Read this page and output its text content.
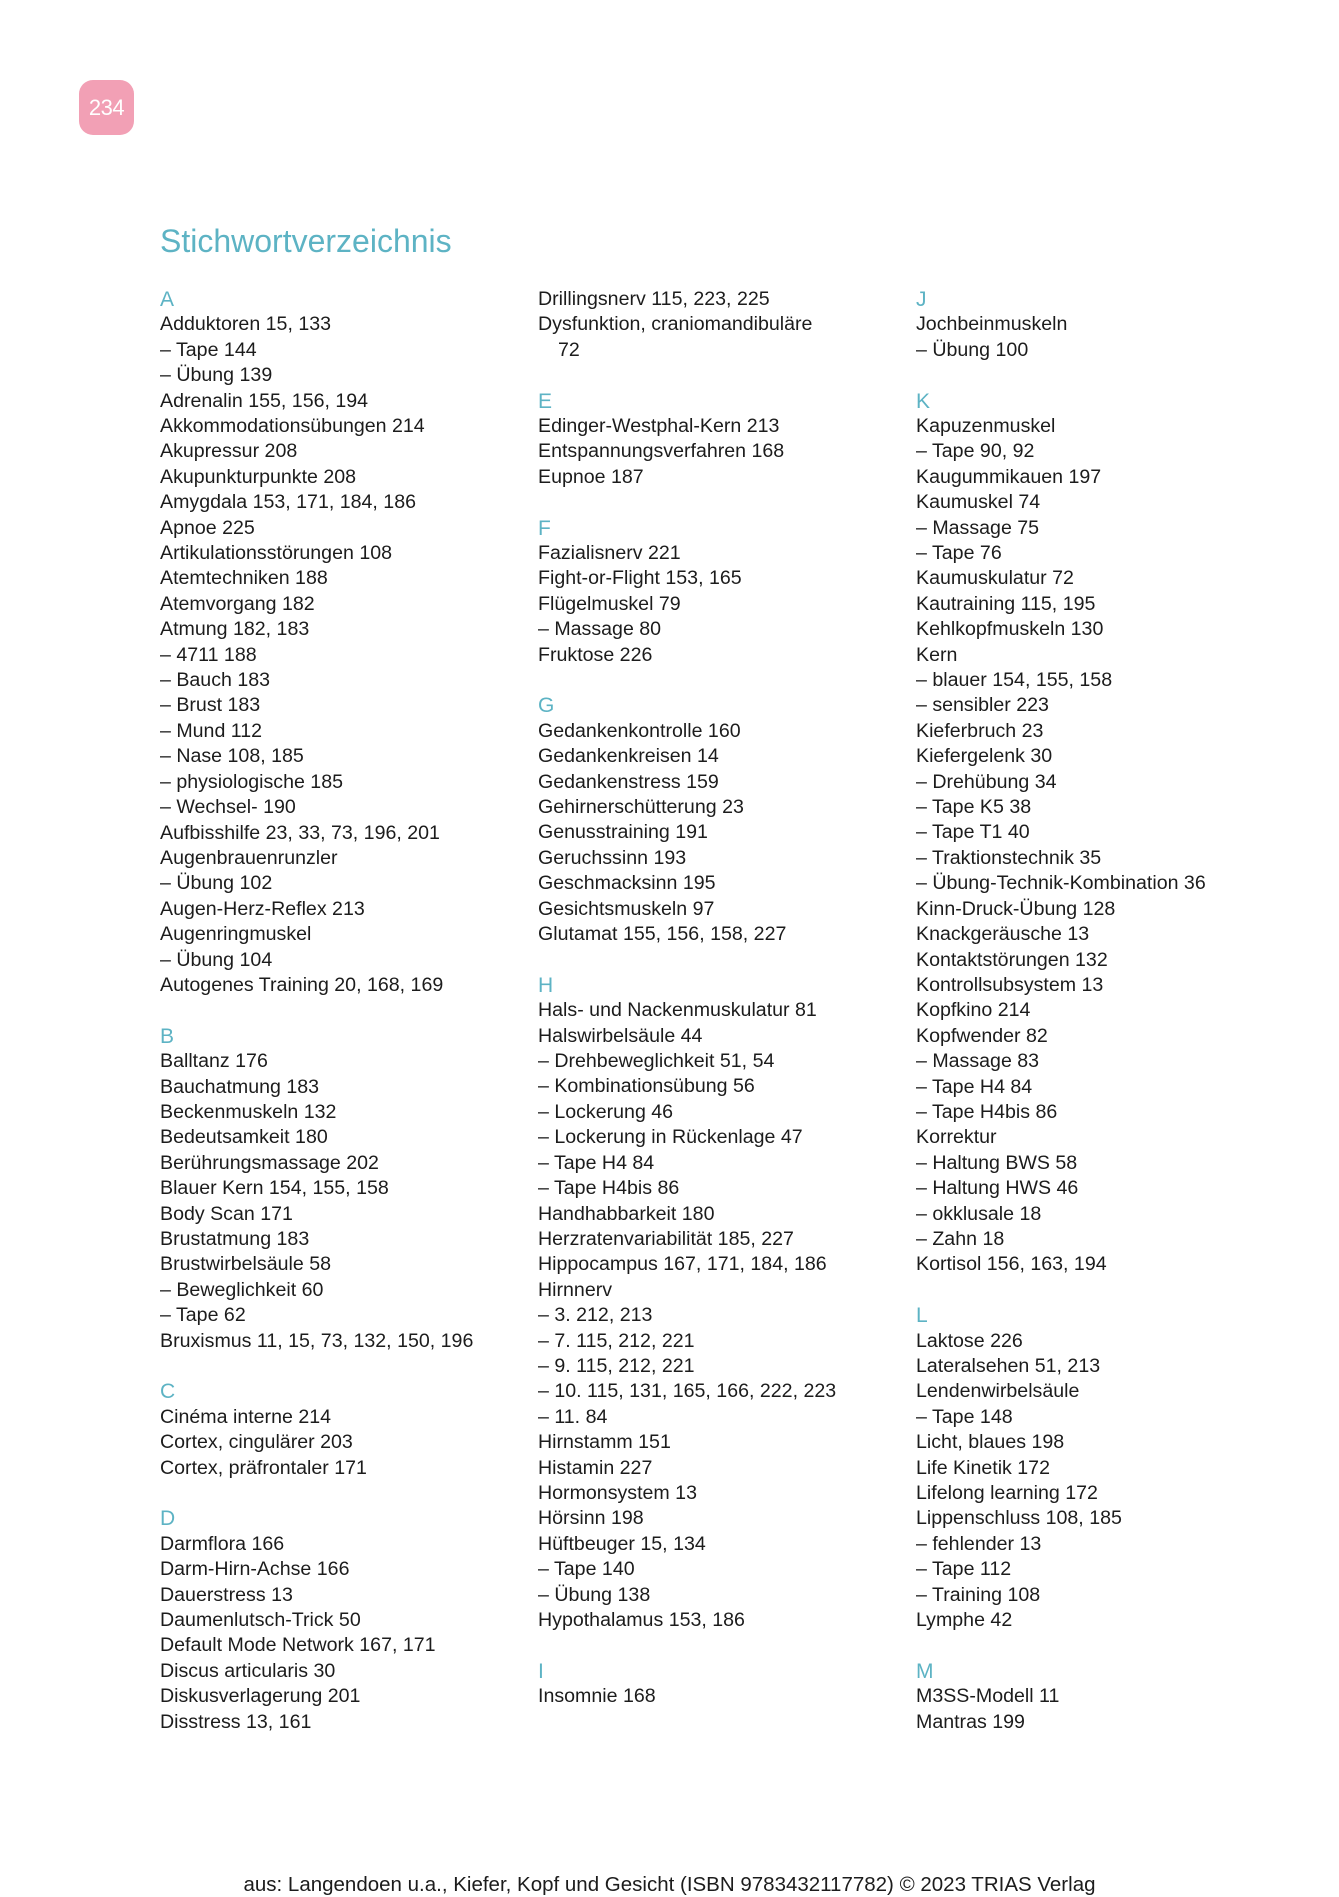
234
Stichwortverzeichnis
A
Adduktoren 15, 133
– Tape 144
– Übung 139
Adrenalin 155, 156, 194
Akkommodationsübungen 214
Akupressur 208
Akupunkturpunkte 208
Amygdala 153, 171, 184, 186
Apnoe 225
Artikulationsstörungen 108
Atemtechniken 188
Atemvorgang 182
Atmung 182, 183
– 4711 188
– Bauch 183
– Brust 183
– Mund 112
– Nase 108, 185
– physiologische 185
– Wechsel- 190
Aufbisshilfe 23, 33, 73, 196, 201
Augenbrauenrunzler
– Übung 102
Augen-Herz-Reflex 213
Augenringmuskel
– Übung 104
Autogenes Training 20, 168, 169
B
Balltanz 176
Bauchatmung 183
Beckenmuskeln 132
Bedeutsamkeit 180
Berührungsmassage 202
Blauer Kern 154, 155, 158
Body Scan 171
Brustatmung 183
Brustwirbelsäule 58
– Beweglichkeit 60
– Tape 62
Bruxismus 11, 15, 73, 132, 150, 196
C
Cinéma interne 214
Cortex, cingulärer 203
Cortex, präfrontaler 171
D
Darmflora 166
Darm-Hirn-Achse 166
Dauerstress 13
Daumenlutsch-Trick 50
Default Mode Network 167, 171
Discus articularis 30
Diskusverlagerung 201
Disstress 13, 161
Drillingsnerv 115, 223, 225
Dysfunktion, craniomandibuläre
72
E
Edinger-Westphal-Kern 213
Entspannungsverfahren 168
Eupnoe 187
F
Fazialisnerv 221
Fight-or-Flight 153, 165
Flügelmuskel 79
– Massage 80
Fruktose 226
G
Gedankenkontrolle 160
Gedankenkreisen 14
Gedankenstress 159
Gehirnerschütterung 23
Genusstraining 191
Geruchssinn 193
Geschmacksinn 195
Gesichtsmuskeln 97
Glutamat 155, 156, 158, 227
H
Hals- und Nackenmuskulatur 81
Halswirbelsäule 44
– Drehbeweglichkeit 51, 54
– Kombinationsübung 56
– Lockerung 46
– Lockerung in Rückenlage 47
– Tape H4 84
– Tape H4bis 86
Handhabbarkeit 180
Herzratenvariabilität 185, 227
Hippocampus 167, 171, 184, 186
Hirnnerv
– 3. 212, 213
– 7. 115, 212, 221
– 9. 115, 212, 221
– 10. 115, 131, 165, 166, 222, 223
– 11. 84
Hirnstamm 151
Histamin 227
Hormonsystem 13
Hörsinn 198
Hüftbeuger 15, 134
– Tape 140
– Übung 138
Hypothalamus 153, 186
I
Insomnie 168
J
Jochbeinmuskeln
– Übung 100
K
Kapuzenmuskel
– Tape 90, 92
Kaugummikauen 197
Kaumuskel 74
– Massage 75
– Tape 76
Kaumuskulatur 72
Kautraining 115, 195
Kehlkopfmuskeln 130
Kern
– blauer 154, 155, 158
– sensibler 223
Kieferbruch 23
Kiefergelenk 30
– Drehübung 34
– Tape K5 38
– Tape T1 40
– Traktionstechnik 35
– Übung-Technik-Kombination 36
Kinn-Druck-Übung 128
Knackgeräusche 13
Kontaktstörungen 132
Kontrollsubsystem 13
Kopfkino 214
Kopfwender 82
– Massage 83
– Tape H4 84
– Tape H4bis 86
Korrektur
– Haltung BWS 58
– Haltung HWS 46
– okklusale 18
– Zahn 18
Kortisol 156, 163, 194
L
Laktose 226
Lateralsehen 51, 213
Lendenwirbelsäule
– Tape 148
Licht, blaues 198
Life Kinetik 172
Lifelong learning 172
Lippenschluss 108, 185
– fehlender 13
– Tape 112
– Training 108
Lymphe 42
M
M3SS-Modell 11
Mantras 199
aus: Langendoen u.a., Kiefer, Kopf und Gesicht (ISBN 9783432117782) © 2023 TRIAS Verlag
